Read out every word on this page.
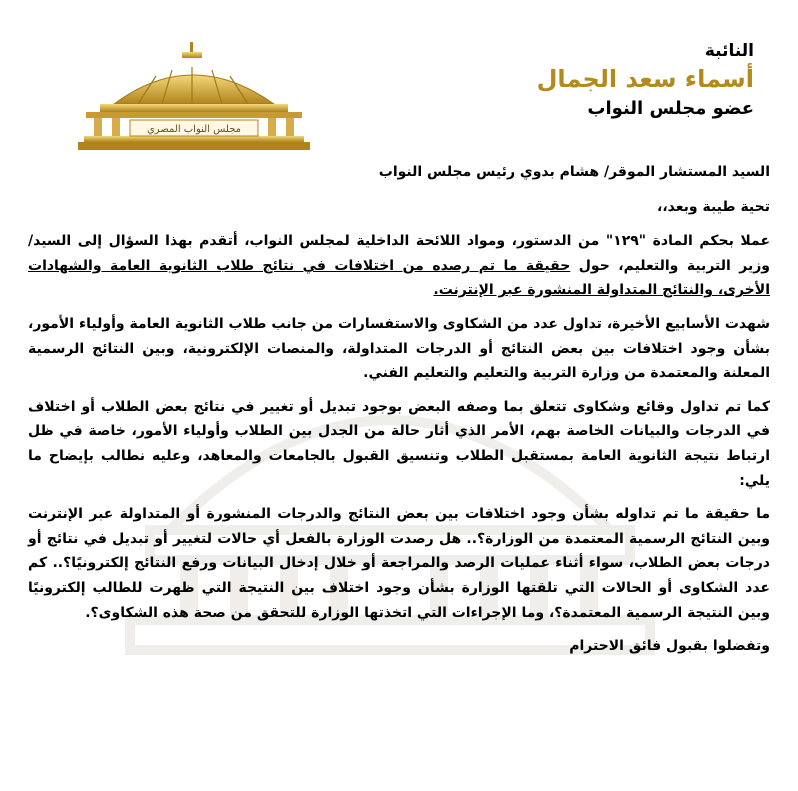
مجلس النواب المصري
النائبة
أسماء سعد الجمال
عضو مجلس النواب

السيد المستشار الموقر/ هشام بدوي رئيس مجلس النواب

تحية طيبة وبعد،،

عملا بحكم المادة "١٢٩" من الدستور، ومواد اللائحة الداخلية لمجلس النواب، أتقدم بهذا السؤال إلى السيد/ وزير التربية والتعليم، حول حقيقة ما تم رصده من اختلافات في نتائج طلاب الثانوية العامة والشهادات الأخرى، والنتائج المتداولة المنشورة عبر الإنترنت.

شهدت الأسابيع الأخيرة، تداول عدد من الشكاوى والاستفسارات من جانب طلاب الثانوية العامة وأولياء الأمور، بشأن وجود اختلافات بين بعض النتائج أو الدرجات المتداولة، والمنصات الإلكترونية، وبين النتائج الرسمية المعلنة والمعتمدة من وزارة التربية والتعليم والتعليم الفني.

كما تم تداول وقائع وشكاوى تتعلق بما وصفه البعض بوجود تبديل أو تغيير في نتائج بعض الطلاب أو اختلاف في الدرجات والبيانات الخاصة بهم، الأمر الذي أثار حالة من الجدل بين الطلاب وأولياء الأمور، خاصة في ظل ارتباط نتيجة الثانوية العامة بمستقبل الطلاب وتنسيق القبول بالجامعات والمعاهد، وعليه نطالب بإيضاح ما يلي:

ما حقيقة ما تم تداوله بشأن وجود اختلافات بين بعض النتائج والدرجات المنشورة أو المتداولة عبر الإنترنت وبين النتائج الرسمية المعتمدة من الوزارة؟.. هل رصدت الوزارة بالفعل أي حالات لتغيير أو تبديل في نتائج أو درجات بعض الطلاب، سواء أثناء عمليات الرصد والمراجعة أو خلال إدخال البيانات ورفع النتائج إلكترونيًا؟.. كم عدد الشكاوى أو الحالات التي تلقتها الوزارة بشأن وجود اختلاف بين النتيجة التي ظهرت للطالب إلكترونيًا وبين النتيجة الرسمية المعتمدة؟، وما الإجراءات التي اتخذتها الوزارة للتحقق من صحة هذه الشكاوى؟.

وتفضلوا بقبول فائق الاحترام
